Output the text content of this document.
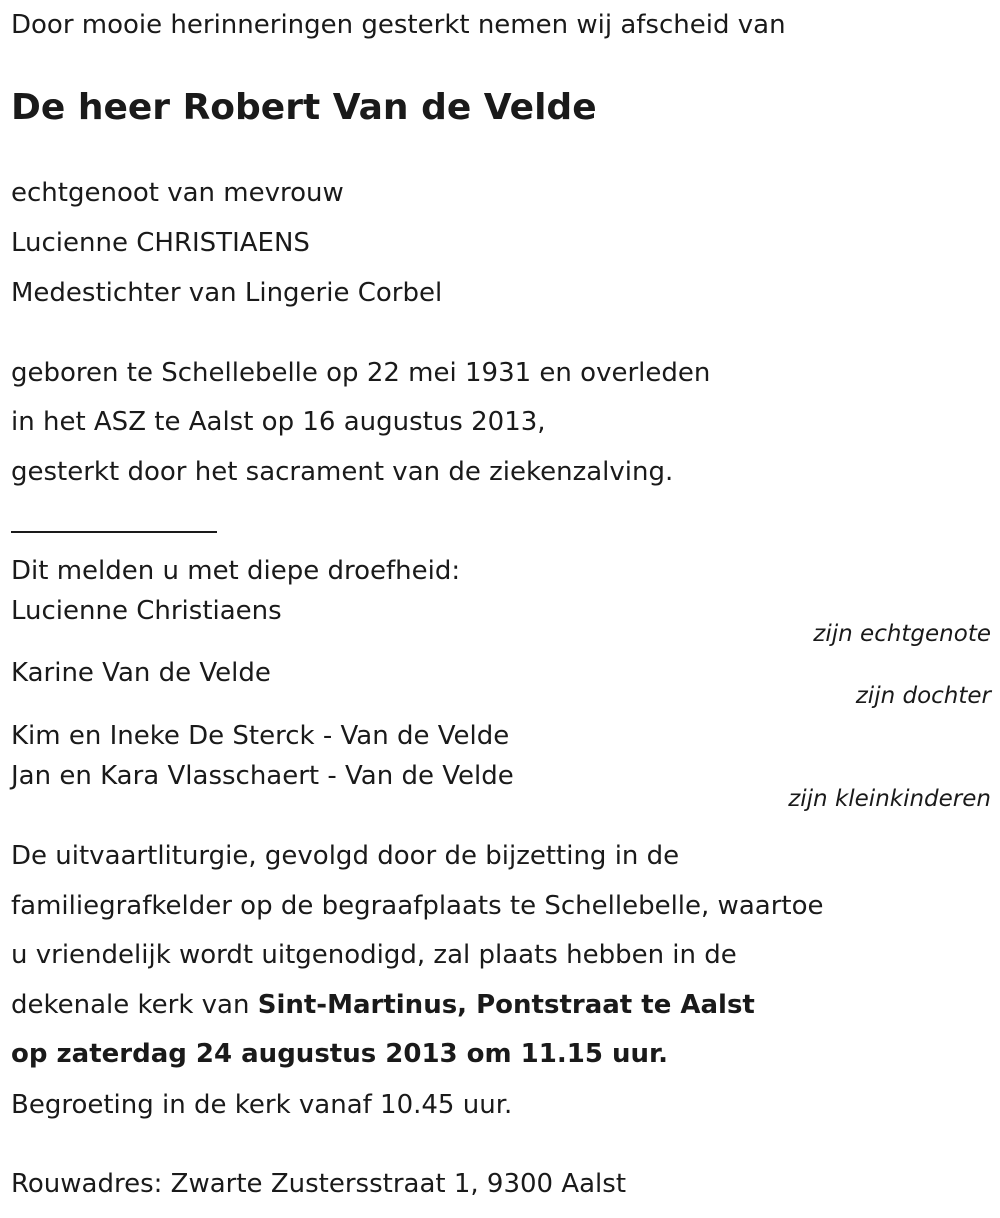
Door mooie herinneringen gesterkt nemen wij afscheid van
De heer Robert Van de Velde
echtgenoot van mevrouw
Lucienne CHRISTIAENS
Medestichter van Lingerie Corbel
geboren te Schellebelle op 22 mei 1931 en overleden
in het ASZ te Aalst op 16 augustus 2013,
gesterkt door het sacrament van de ziekenzalving.
Dit melden u met diepe droefheid:
Lucienne Christiaens
zijn echtgenote
Karine Van de Velde
zijn dochter
Kim en Ineke De Sterck - Van de Velde
Jan en Kara Vlasschaert - Van de Velde
zijn kleinkinderen
De uitvaartliturgie, gevolgd door de bijzetting in de
familiegrafkelder op de begraafplaats te Schellebelle, waartoe
u vriendelijk wordt uitgenodigd, zal plaats hebben in de
dekenale kerk van Sint-Martinus, Pontstraat te Aalst
op zaterdag 24 augustus 2013 om 11.15 uur.
Begroeting in de kerk vanaf 10.45 uur.
Rouwadres: Zwarte Zustersstraat 1, 9300 Aalst
